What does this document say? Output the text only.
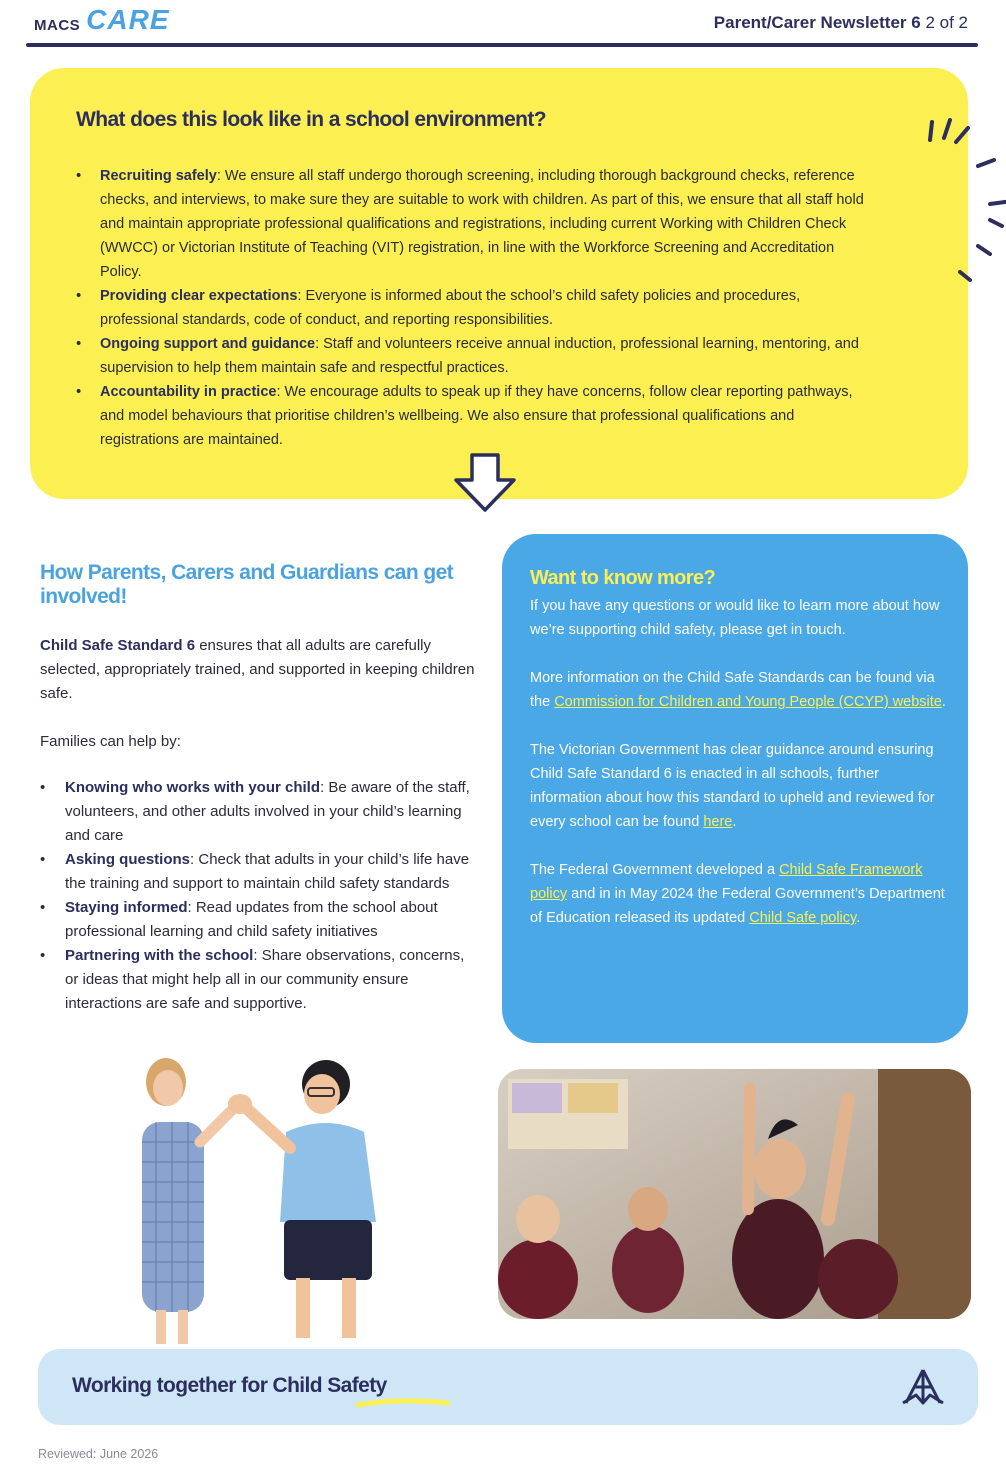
MACS CARE	Parent/Carer Newsletter 6 2 of 2
What does this look like in a school environment?
• Recruiting safely: We ensure all staff undergo thorough screening, including thorough background checks, reference checks, and interviews, to make sure they are suitable to work with children. As part of this, we ensure that all staff hold and maintain appropriate professional qualifications and registrations, including current Working with Children Check (WWCC) or Victorian Institute of Teaching (VIT) registration, in line with the Workforce Screening and Accreditation Policy.
• Providing clear expectations: Everyone is informed about the school’s child safety policies and procedures, professional standards, code of conduct, and reporting responsibilities.
• Ongoing support and guidance: Staff and volunteers receive annual induction, professional learning, mentoring, and supervision to help them maintain safe and respectful practices.
• Accountability in practice: We encourage adults to speak up if they have concerns, follow clear reporting pathways, and model behaviours that prioritise children’s wellbeing. We also ensure that professional qualifications and registrations are maintained.
How Parents, Carers and Guardians can get involved!

Child Safe Standard 6 ensures that all adults are carefully selected, appropriately trained, and supported in keeping children safe.

Families can help by:

• Knowing who works with your child: Be aware of the staff, volunteers, and other adults involved in your child’s learning and care
• Asking questions: Check that adults in your child’s life have the training and support to maintain child safety standards
• Staying informed: Read updates from the school about professional learning and child safety initiatives
• Partnering with the school: Share observations, concerns, or ideas that might help all in our community ensure interactions are safe and supportive.
Want to know more?

If you have any questions or would like to learn more about how we’re supporting child safety, please get in touch.

More information on the Child Safe Standards can be found via the Commission for Children and Young People (CCYP) website.

The Victorian Government has clear guidance around ensuring Child Safe Standard 6 is enacted in all schools, further information about how this standard to upheld and reviewed for every school can be found here.

The Federal Government developed a Child Safe Framework policy and in in May 2024 the Federal Government’s Department of Education released its updated Child Safe policy.

Working together for Child Safety
Reviewed: June 2026
